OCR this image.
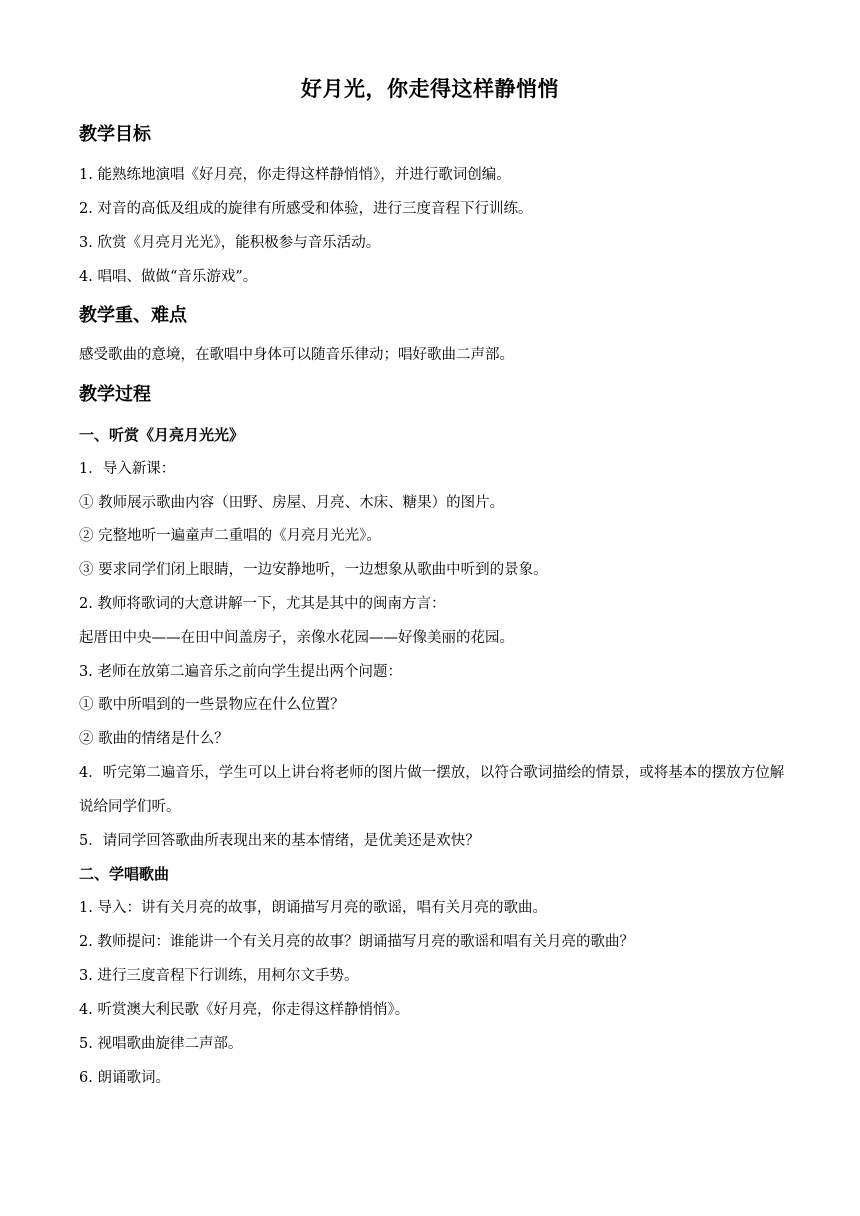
好月光，你走得这样静悄悄
教学目标
1. 能熟练地演唱《好月亮，你走得这样静悄悄》，并进行歌词创编。
2. 对音的高低及组成的旋律有所感受和体验，进行三度音程下行训练。
3. 欣赏《月亮月光光》，能积极参与音乐活动。
4. 唱唱、做做“音乐游戏”。
教学重、难点
感受歌曲的意境，在歌唱中身体可以随音乐律动；唱好歌曲二声部。
教学过程
一、听赏《月亮月光光》
1．导入新课：
① 教师展示歌曲内容（田野、房屋、月亮、木床、糖果）的图片。
② 完整地听一遍童声二重唱的《月亮月光光》。
③ 要求同学们闭上眼睛，一边安静地听，一边想象从歌曲中听到的景象。
2. 教师将歌词的大意讲解一下，尤其是其中的闽南方言：
起厝田中央——在田中间盖房子，亲像水花园——好像美丽的花园。
3. 老师在放第二遍音乐之前向学生提出两个问题：
① 歌中所唱到的一些景物应在什么位置？
② 歌曲的情绪是什么？
4．听完第二遍音乐，学生可以上讲台将老师的图片做一摆放，以符合歌词描绘的情景，或将基本的摆放方位解说给同学们听。
5．请同学回答歌曲所表现出来的基本情绪，是优美还是欢快？
二、学唱歌曲
1. 导入：讲有关月亮的故事，朗诵描写月亮的歌谣，唱有关月亮的歌曲。
2. 教师提问：谁能讲一个有关月亮的故事？朗诵描写月亮的歌谣和唱有关月亮的歌曲？
3. 进行三度音程下行训练，用柯尔文手势。
4. 听赏澳大利民歌《好月亮，你走得这样静悄悄》。
5. 视唱歌曲旋律二声部。
6. 朗诵歌词。
